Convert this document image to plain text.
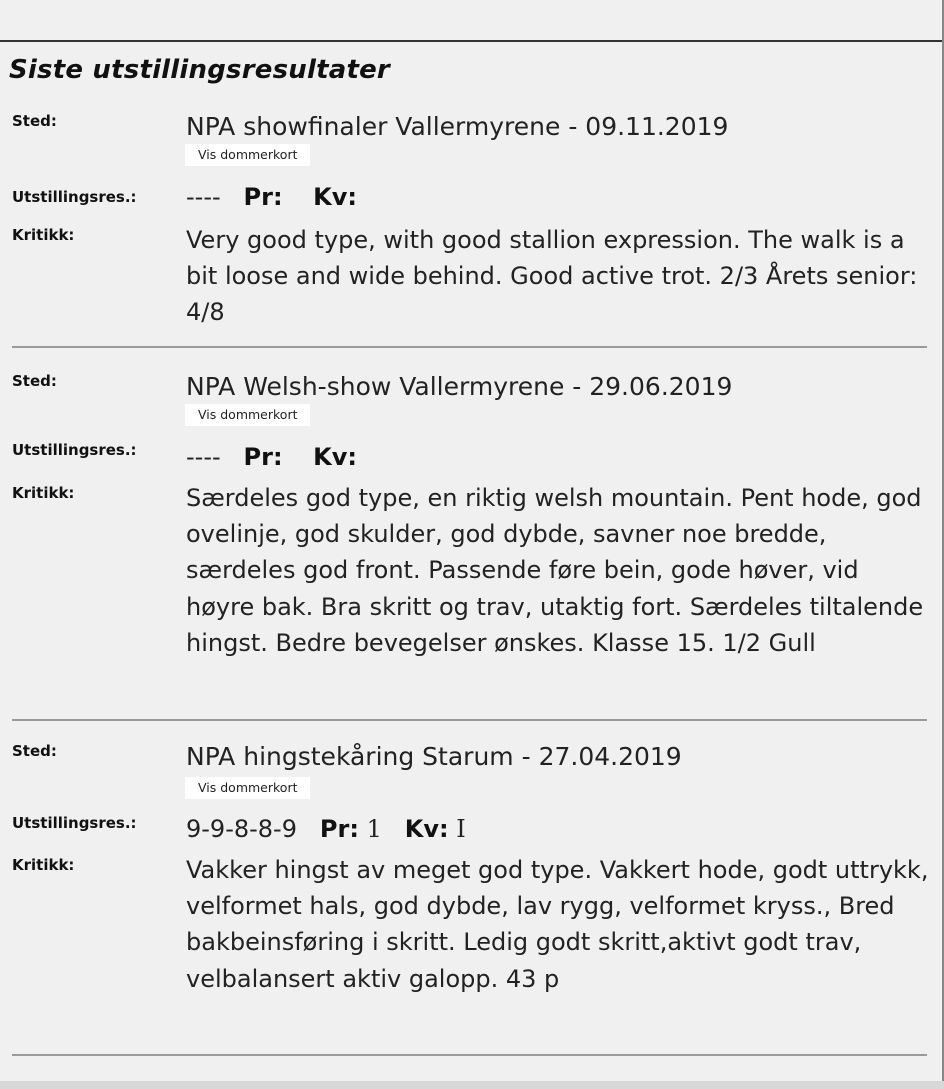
Siste utstillingsresultater
Sted:	NPA showfinaler Vallermyrene - 09.11.2019
Vis dommerkort
Utstillingsres.: ---- Pr: Kv:
Kritikk:	Very good type, with good stallion expression. The walk is a bit loose and wide behind. Good active trot. 2/3 Årets senior: 4/8

Sted:	NPA Welsh-show Vallermyrene - 29.06.2019
Vis dommerkort
Utstillingsres.: ---- Pr: Kv:
Kritikk:	Særdeles god type, en riktig welsh mountain. Pent hode, god ovelinje, god skulder, god dybde, savner noe bredde, særdeles god front. Passende føre bein, gode høver, vid høyre bak. Bra skritt og trav, utaktig fort. Særdeles tiltalende hingst. Bedre bevegelser ønskes. Klasse 15. 1/2 Gull

Sted:	NPA hingstekåring Starum - 27.04.2019
Vis dommerkort
Utstillingsres.: 9-9-8-8-9 Pr: 1 Kv: I
Kritikk:	Vakker hingst av meget god type. Vakkert hode, godt uttrykk, velformet hals, god dybde, lav rygg, velformet kryss., Bred bakbeinsføring i skritt. Ledig godt skritt,aktivt godt trav, velbalansert aktiv galopp. 43 p
